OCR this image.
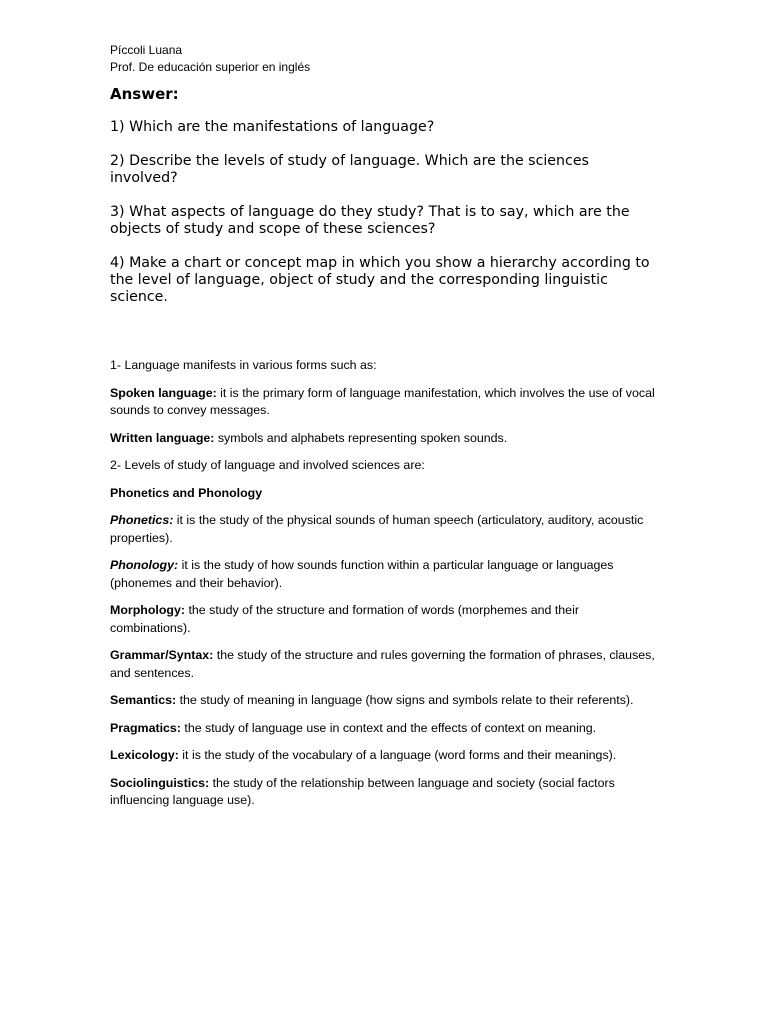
Píccoli Luana
Prof. De educación superior en inglés
Answer:

1) Which are the manifestations of language?

2) Describe the levels of study of language. Which are the sciences involved?

3) What aspects of language do they study? That is to say, which are the objects of study and scope of these sciences?

4) Make a chart or concept map in which you show a hierarchy according to the level of language, object of study and the corresponding linguistic science.

1- Language manifests in various forms such as:

Spoken language: it is the primary form of language manifestation, which involves the use of vocal sounds to convey messages.

Written language: symbols and alphabets representing spoken sounds.

2- Levels of study of language and involved sciences are:

Phonetics and Phonology

Phonetics: it is the study of the physical sounds of human speech (articulatory, auditory, acoustic properties).

Phonology: it is the study of how sounds function within a particular language or languages (phonemes and their behavior).

Morphology: the study of the structure and formation of words (morphemes and their combinations).

Grammar/Syntax: the study of the structure and rules governing the formation of phrases, clauses, and sentences.

Semantics: the study of meaning in language (how signs and symbols relate to their referents).

Pragmatics: the study of language use in context and the effects of context on meaning.

Lexicology: it is the study of the vocabulary of a language (word forms and their meanings).

Sociolinguistics: the study of the relationship between language and society (social factors influencing language use).
